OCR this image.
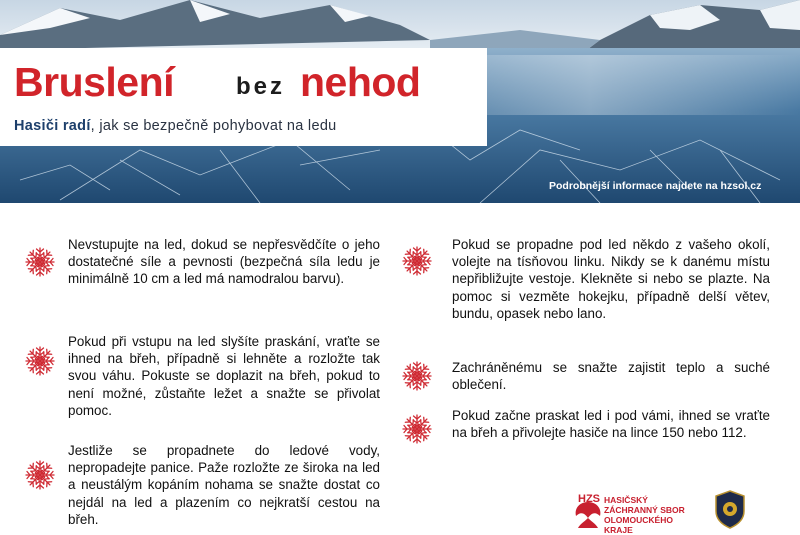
Bruslení	bez nehod
Hasiči radí, jak se bezpečně pohybovat na ledu
Podrobnější informace najdete na hzsol.cz
Nevstupujte na led, dokud se nepřesvědčíte o jeho dostatečné síle a pevnosti (bezpečná síla ledu je minimálně 10 cm a led má namodralou barvu).
Pokud při vstupu na led slyšíte praskání, vraťte se ihned na břeh, případně si lehněte a rozložte tak svou váhu. Pokuste se doplazit na břeh, pokud to není možné, zůstaňte ležet a snažte se přivolat pomoc.
Jestliže se propadnete do ledové vody, nepropadejte panice. Paže rozložte ze široka na led a neustálým kopáním nohama se snažte dostat co nejdál na led a plazením co nejkratší cestou na břeh.
Pokud se propadne pod led někdo z vašeho okolí, volejte na tísňovou linku. Nikdy se k danému místu nepřibližujte vestoje. Klekněte si nebo se plazte. Na pomoc si vezměte hokejku, případně delší větev, bundu, opasek nebo lano.
Zachráněnému se snažte zajistit teplo a suché oblečení.
Pokud začne praskat led i pod vámi, ihned se vraťte na břeh a přivolejte hasiče na lince 150 nebo 112.
HZS HASIČSKÝ
ZÁCHRANNÝ SBOR
OLOMOUCKÉHO
KRAJE
